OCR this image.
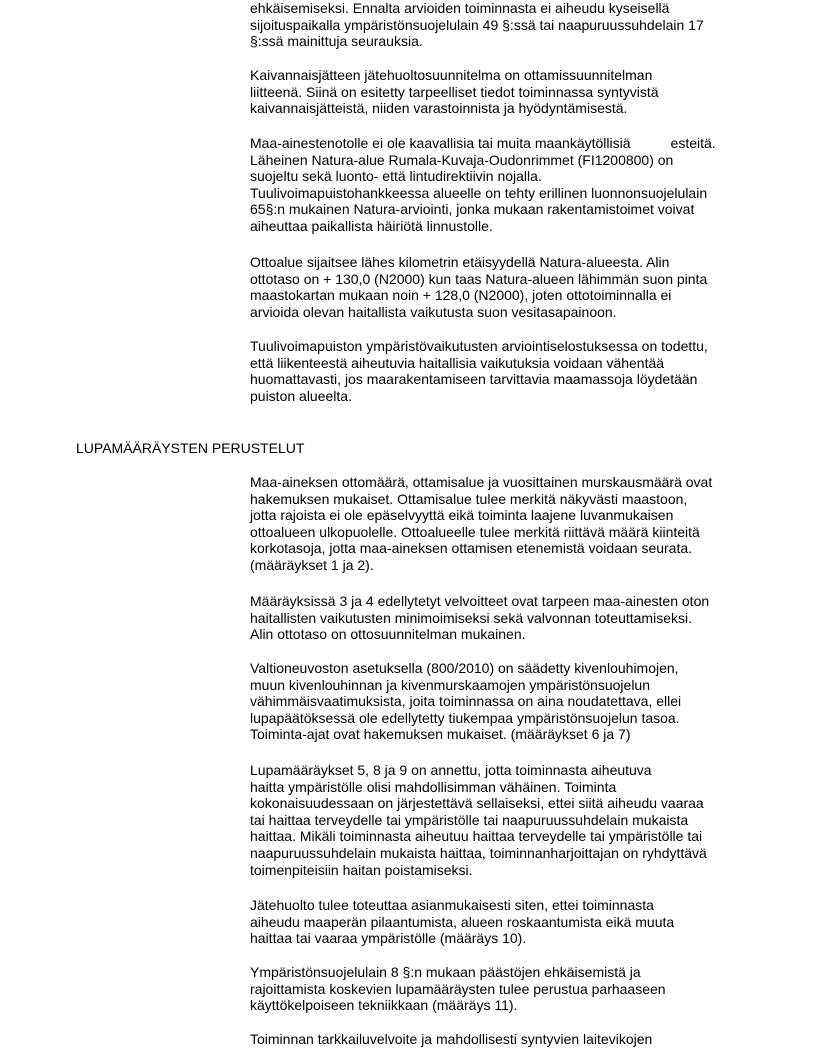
ehkäisemiseksi. Ennalta arvioiden toiminnasta ei aiheudu kyseisellä
sijoituspaikalla ympäristönsuojelulain 49 §:ssä tai naapuruussuhdelain 17
§:ssä mainittuja seurauksia.
Kaivannaisjätteen jätehuoltosuunnitelma on ottamissuunnitelman
liitteenä. Siinä on esitetty tarpeelliset tiedot toiminnassa syntyvistä
kaivannaisjätteistä, niiden varastoinnista ja hyödyntämisestä.
Maa-ainestenotolle ei ole kaavallisia tai muita maankäytöllisiä	esteitä.
Läheinen Natura-alue Rumala-Kuvaja-Oudonrimmet (FI1200800) on
suojeltu sekä luonto- että lintudirektiivin nojalla.
Tuulivoimapuistohankkeessa alueelle on tehty erillinen luonnonsuojelulain
65§:n mukainen Natura-arviointi, jonka mukaan rakentamistoimet voivat
aiheuttaa paikallista häiriötä linnustolle.
Ottoalue sijaitsee lähes kilometrin etäisyydellä Natura-alueesta. Alin
ottotaso on + 130,0 (N2000) kun taas Natura-alueen lähimmän suon pinta
maastokartan mukaan noin + 128,0 (N2000), joten ottotoiminnalla ei
arvioida olevan haitallista vaikutusta suon vesitasapainoon.
Tuulivoimapuiston ympäristövaikutusten arviointiselostuksessa on todettu,
että liikenteestä aiheutuvia haitallisia vaikutuksia voidaan vähentää
huomattavasti, jos maarakentamiseen tarvittavia maamassoja löydetään
puiston alueelta.
LUPAMÄÄRÄYSTEN PERUSTELUT
Maa-aineksen ottomäärä, ottamisalue ja vuosittainen murskausmäärä ovat
hakemuksen mukaiset. Ottamisalue tulee merkitä näkyvästi maastoon,
jotta rajoista ei ole epäselvyyttä eikä toiminta laajene luvanmukaisen
ottoalueen ulkopuolelle. Ottoalueelle tulee merkitä riittävä määrä kiinteitä
korkotasoja, jotta maa-aineksen ottamisen etenemistä voidaan seurata.
(määräykset 1 ja 2).
Määräyksissä 3 ja 4 edellytetyt velvoitteet ovat tarpeen maa-ainesten oton
haitallisten vaikutusten minimoimiseksi sekä valvonnan toteuttamiseksi.
Alin ottotaso on ottosuunnitelman mukainen.
Valtioneuvoston asetuksella (800/2010) on säädetty kivenlouhimojen,
muun kivenlouhinnan ja kivenmurskaamojen ympäristönsuojelun
vähimmäisvaatimuksista, joita toiminnassa on aina noudatettava, ellei
lupapäätöksessä ole edellytetty tiukempaa ympäristönsuojelun tasoa.
Toiminta-ajat ovat hakemuksen mukaiset. (määräykset 6 ja 7)
Lupamääräykset 5, 8 ja 9 on annettu, jotta toiminnasta aiheutuva
haitta ympäristölle olisi mahdollisimman vähäinen. Toiminta
kokonaisuudessaan on järjestettävä sellaiseksi, ettei siitä aiheudu vaaraa
tai haittaa terveydelle tai ympäristölle tai naapuruussuhdelain mukaista
haittaa. Mikäli toiminnasta aiheutuu haittaa terveydelle tai ympäristölle tai
naapuruussuhdelain mukaista haittaa, toiminnanharjoittajan on ryhdyttävä
toimenpiteisiin haitan poistamiseksi.
Jätehuolto tulee toteuttaa asianmukaisesti siten, ettei toiminnasta
aiheudu maaperän pilaantumista, alueen roskaantumista eikä muuta
haittaa tai vaaraa ympäristölle (määräys 10).
Ympäristönsuojelulain 8 §:n mukaan päästöjen ehkäisemistä ja
rajoittamista koskevien lupamääräysten tulee perustua parhaaseen
käyttökelpoiseen tekniikkaan (määräys 11).
Toiminnan tarkkailuvelvoite ja mahdollisesti syntyvien laitevikojen
